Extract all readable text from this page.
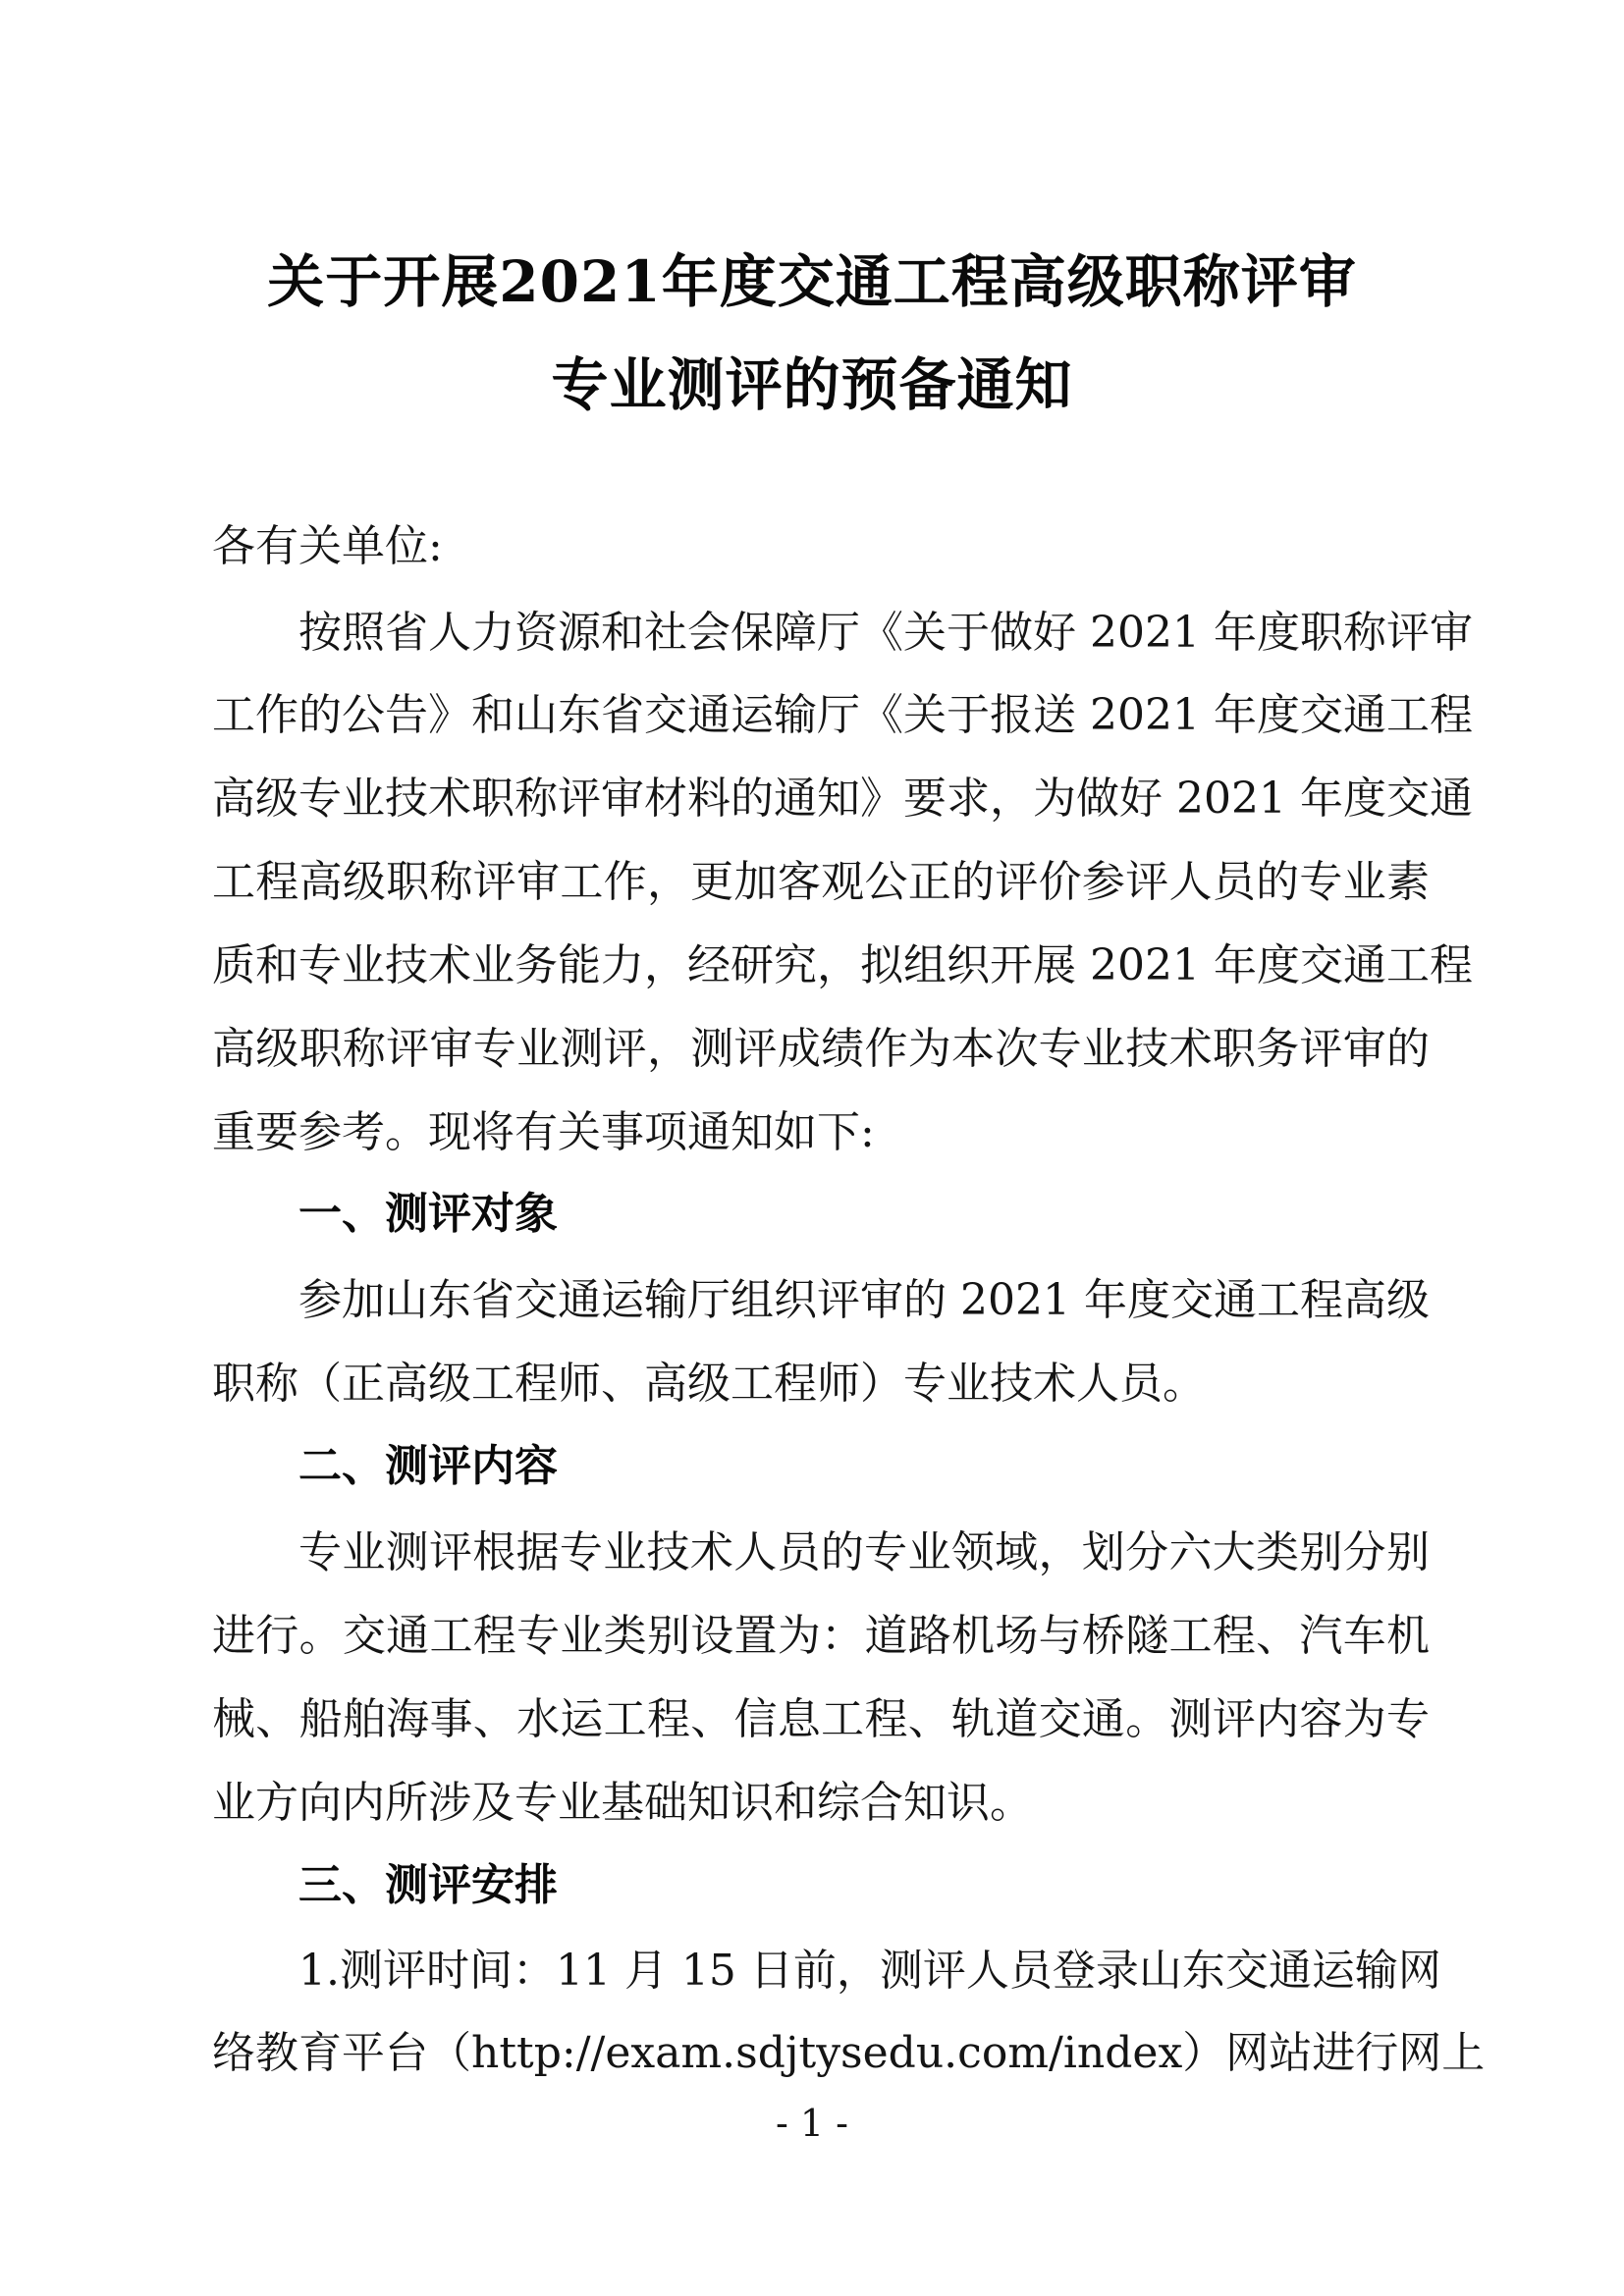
关于开展2021年度交通工程高级职称评审
专业测评的预备通知
各有关单位:
按照省人力资源和社会保障厅《关于做好 2021 年度职称评审
工作的公告》和山东省交通运输厅《关于报送 2021 年度交通工程
高级专业技术职称评审材料的通知》要求，为做好 2021 年度交通
工程高级职称评审工作，更加客观公正的评价参评人员的专业素
质和专业技术业务能力，经研究，拟组织开展 2021 年度交通工程
高级职称评审专业测评，测评成绩作为本次专业技术职务评审的
重要参考。现将有关事项通知如下:
一、测评对象
参加山东省交通运输厅组织评审的 2021 年度交通工程高级
职称（正高级工程师、高级工程师）专业技术人员。
二、测评内容
专业测评根据专业技术人员的专业领域，划分六大类别分别
进行。交通工程专业类别设置为：道路机场与桥隧工程、汽车机
械、船舶海事、水运工程、信息工程、轨道交通。测评内容为专
业方向内所涉及专业基础知识和综合知识。
三、测评安排
1.测评时间：11 月 15 日前，测评人员登录山东交通运输网
络教育平台（http://exam.sdjtysedu.com/index）网站进行网上
- 1 -
